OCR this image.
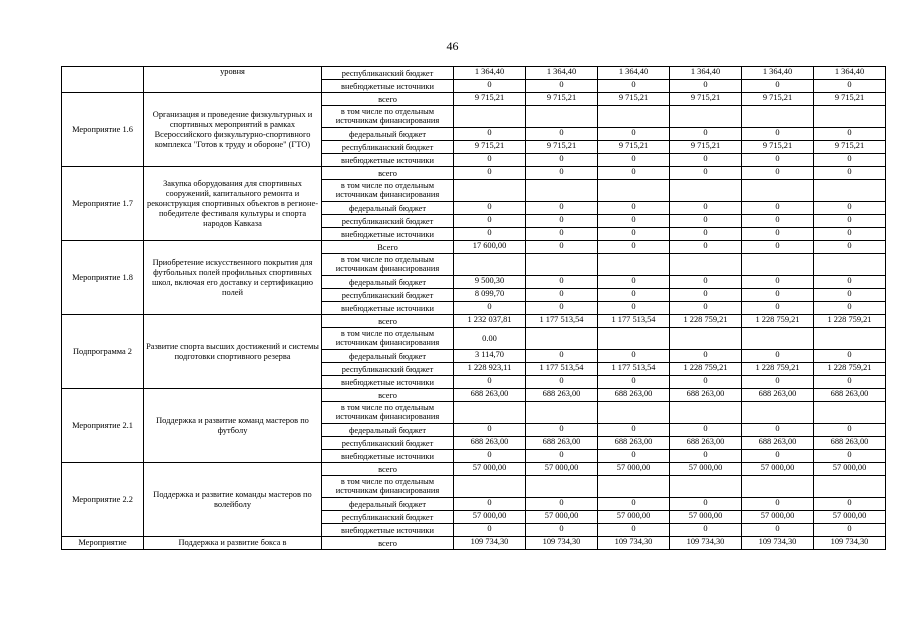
46
	уровня	республиканский бюджет	1 364,40	1 364,40	1 364,40	1 364,40	1 364,40	1 364,40
		внебюджетные источники	0	0	0	0	0	0
Мероприятие 1.6	Организация и проведение физкультурных и спортивных мероприятий в рамках Всероссийского физкультурно-спортивного комплекса "Готов к труду и обороне" (ГТО)	всего	9 715,21	9 715,21	9 715,21	9 715,21	9 715,21	9 715,21
		в том числе по отдельным источникам финансирования						
		федеральный бюджет	0	0	0	0	0	0
		республиканский бюджет	9 715,21	9 715,21	9 715,21	9 715,21	9 715,21	9 715,21
		внебюджетные источники	0	0	0	0	0	0
Мероприятие 1.7	Закупка оборудования для спортивных сооружений, капитального ремонта и реконструкция спортивных объектов в регионе-победителе фестиваля культуры и спорта народов Кавказа	всего	0	0	0	0	0	0
		в том числе по отдельным источникам финансирования						
		федеральный бюджет	0	0	0	0	0	0
		республиканский бюджет	0	0	0	0	0	0
		внебюджетные источники	0	0	0	0	0	0
Мероприятие 1.8	Приобретение искусственного покрытия для футбольных полей профильных спортивных школ, включая его доставку и сертификацию полей	Всего	17 600,00	0	0	0	0	0
		в том числе по отдельным источникам финансирования						
		федеральный бюджет	9 500,30	0	0	0	0	0
		республиканский бюджет	8 099,70	0	0	0	0	0
		внебюджетные источники	0	0	0	0	0	0
Подпрограмма 2	Развитие спорта высших достижений и системы подготовки спортивного резерва	всего	1 232 037,81	1 177 513,54	1 177 513,54	1 228 759,21	1 228 759,21	1 228 759,21
		в том числе по отдельным источникам финансирования	0.00					
		федеральный бюджет	3 114,70	0	0	0	0	0
		республиканский бюджет	1 228 923,11	1 177 513,54	1 177 513,54	1 228 759,21	1 228 759,21	1 228 759,21
		внебюджетные источники	0	0	0	0	0	0
Мероприятие 2.1	Поддержка и развитие команд мастеров по футболу	всего	688 263,00	688 263,00	688 263,00	688 263,00	688 263,00	688 263,00
		в том числе по отдельным источникам финансирования						
		федеральный бюджет	0	0	0	0	0	0
		республиканский бюджет	688 263,00	688 263,00	688 263,00	688 263,00	688 263,00	688 263,00
		внебюджетные источники	0	0	0	0	0	0
Мероприятие 2.2	Поддержка и развитие команды мастеров по волейболу	всего	57 000,00	57 000,00	57 000,00	57 000,00	57 000,00	57 000,00
		в том числе по отдельным источникам финансирования						
		федеральный бюджет	0	0	0	0	0	0
		республиканский бюджет	57 000,00	57 000,00	57 000,00	57 000,00	57 000,00	57 000,00
		внебюджетные источники	0	0	0	0	0	0
Мероприятие	Поддержка и развитие бокса в	всего	109 734,30	109 734,30	109 734,30	109 734,30	109 734,30	109 734,30
